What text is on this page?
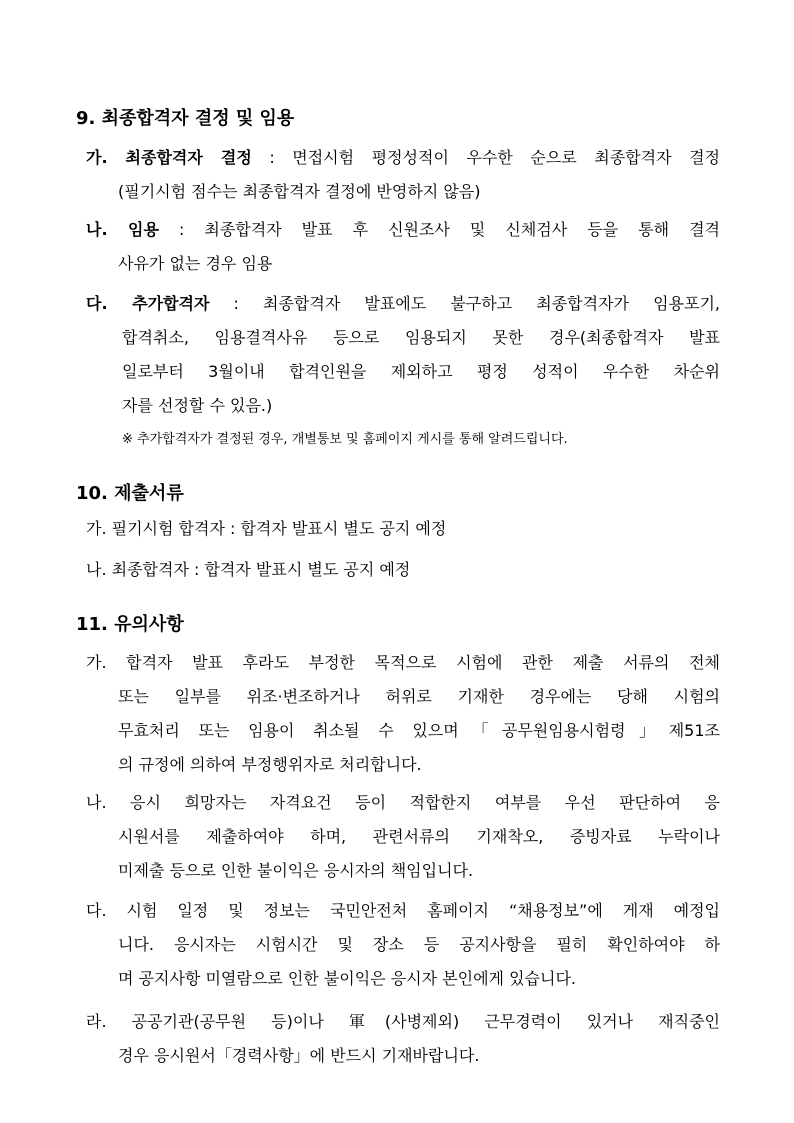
9. 최종합격자 결정 및 임용
가. 최종합격자 결정 : 면접시험 평정성적이 우수한 순으로 최종합격자 결정
(필기시험 점수는 최종합격자 결정에 반영하지 않음)
나. 임용 : 최종합격자 발표 후 신원조사 및 신체검사 등을 통해 결격
사유가 없는 경우 임용
다. 추가합격자 : 최종합격자 발표에도 불구하고 최종합격자가 임용포기,
합격취소, 임용결격사유 등으로 임용되지 못한 경우(최종합격자 발표
일로부터 3월이내 합격인원을 제외하고 평정 성적이 우수한 차순위
자를 선정할 수 있음.)
※ 추가합격자가 결정된 경우, 개별통보 및 홈페이지 게시를 통해 알려드립니다.
10. 제출서류
가. 필기시험 합격자 : 합격자 발표시 별도 공지 예정
나. 최종합격자 : 합격자 발표시 별도 공지 예정
11. 유의사항
가. 합격자 발표 후라도 부정한 목적으로 시험에 관한 제출 서류의 전체
또는 일부를 위조·변조하거나 허위로 기재한 경우에는 당해 시험의
무효처리 또는 임용이 취소될 수 있으며「공무원임용시험령」제51조
의 규정에 의하여 부정행위자로 처리합니다.
나. 응시 희망자는 자격요건 등이 적합한지 여부를 우선 판단하여 응
시원서를 제출하여야 하며, 관련서류의 기재착오, 증빙자료 누락이나
미제출 등으로 인한 불이익은 응시자의 책임입니다.
다. 시험 일정 및 정보는 국민안전처 홈페이지 “채용정보”에 게재 예정입
니다. 응시자는 시험시간 및 장소 등 공지사항을 필히 확인하여야 하
며 공지사항 미열람으로 인한 불이익은 응시자 본인에게 있습니다.
라. 공공기관(공무원 등)이나 軍(사병제외) 근무경력이 있거나 재직중인
경우 응시원서「경력사항」에 반드시 기재바랍니다.
